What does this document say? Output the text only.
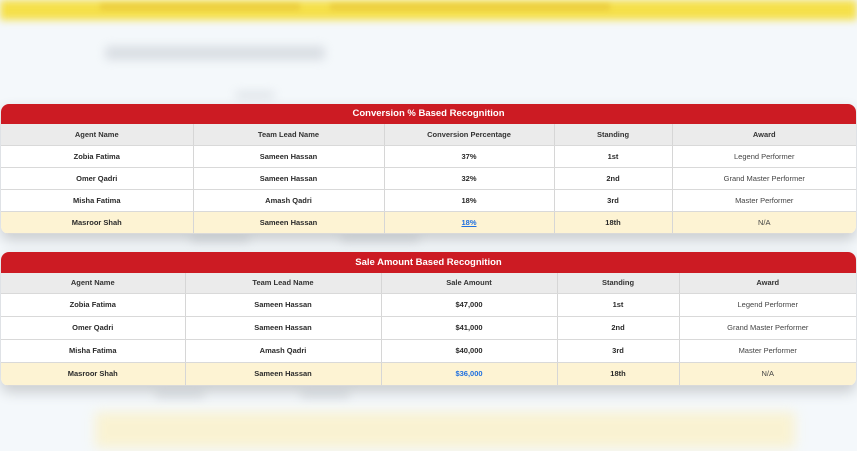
Conversion % Based Recognition
Agent Name	Team Lead Name	Conversion Percentage	Standing	Award
Zobia Fatima	Sameen Hassan	37%	1st	Legend Performer
Omer Qadri	Sameen Hassan	32%	2nd	Grand Master Performer
Misha Fatima	Amash Qadri	18%	3rd	Master Performer
Masroor Shah	Sameen Hassan	18%	18th	N/A
Sale Amount Based Recognition
Agent Name	Team Lead Name	Sale Amount	Standing	Award
Zobia Fatima	Sameen Hassan	$47,000	1st	Legend Performer
Omer Qadri	Sameen Hassan	$41,000	2nd	Grand Master Performer
Misha Fatima	Amash Qadri	$40,000	3rd	Master Performer
Masroor Shah	Sameen Hassan	$36,000	18th	N/A
